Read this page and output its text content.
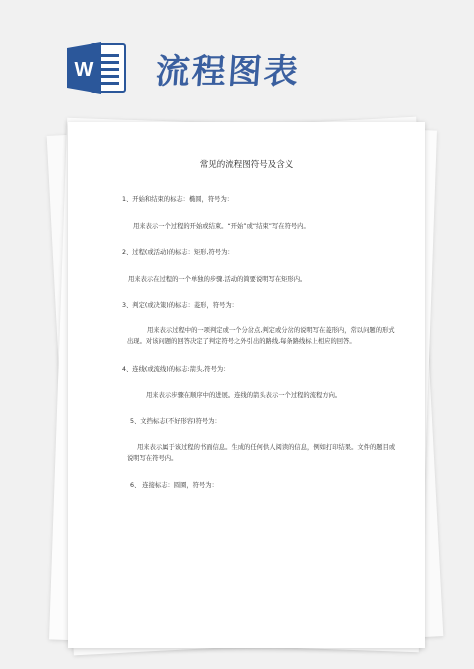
W 流程图表
常见的流程图符号及含义
1、开始和结束的标志：椭圆，符号为：
用来表示一个过程的开始或结束。“开始”或“结束”写在符号内。
2、过程(或活动)的标志：矩形,符号为：
用来表示在过程的一个单独的步骤.活动的简要说明写在矩形内。
3、判定(或决策)的标志：菱形，符号为：
用来表示过程中的一项判定或一个分岔点,判定或分岔的说明写在菱形内，常以问题的形式出现。对该问题的回答决定了判定符号之外引出的路线,每条路线标上相应的回答。
4、连线(或流线)的标志:箭头,符号为：
用来表示步骤在顺序中的进展。连线的箭头表示一个过程的流程方向。
5、文挡标志(不好形容)符号为：
用来表示属于该过程的书面信息。生成的任何供人阅读的信息，例如打印结果。文件的题目或说明写在符号内。
6、 连接标志：圆圈，符号为：
